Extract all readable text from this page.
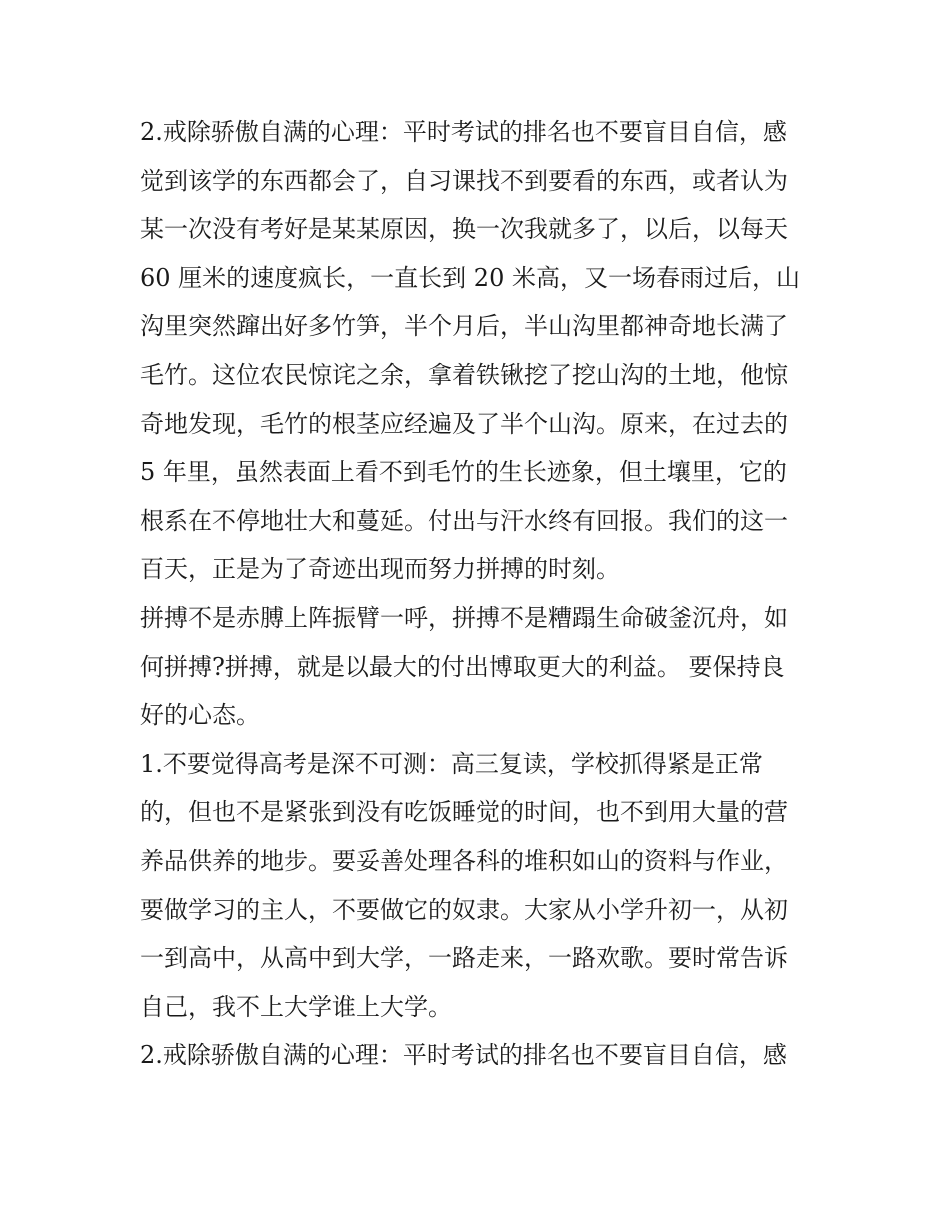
2.戒除骄傲自满的心理：平时考试的排名也不要盲目自信，感
觉到该学的东西都会了，自习课找不到要看的东西，或者认为
某一次没有考好是某某原因，换一次我就多了，以后，以每天
60 厘米的速度疯长，一直长到 20 米高，又一场春雨过后，山
沟里突然蹿出好多竹笋，半个月后，半山沟里都神奇地长满了
毛竹。这位农民惊诧之余，拿着铁锹挖了挖山沟的土地，他惊
奇地发现，毛竹的根茎应经遍及了半个山沟。原来，在过去的
5 年里，虽然表面上看不到毛竹的生长迹象，但土壤里，它的
根系在不停地壮大和蔓延。付出与汗水终有回报。我们的这一
百天，正是为了奇迹出现而努力拼搏的时刻。
拼搏不是赤膊上阵振臂一呼，拼搏不是糟蹋生命破釜沉舟，如
何拼搏?拼搏，就是以最大的付出博取更大的利益。 要保持良
好的心态。
1.不要觉得高考是深不可测：高三复读，学校抓得紧是正常
的，但也不是紧张到没有吃饭睡觉的时间，也不到用大量的营
养品供养的地步。要妥善处理各科的堆积如山的资料与作业，
要做学习的主人，不要做它的奴隶。大家从小学升初一，从初
一到高中，从高中到大学，一路走来，一路欢歌。要时常告诉
自己，我不上大学谁上大学。
2.戒除骄傲自满的心理：平时考试的排名也不要盲目自信，感
